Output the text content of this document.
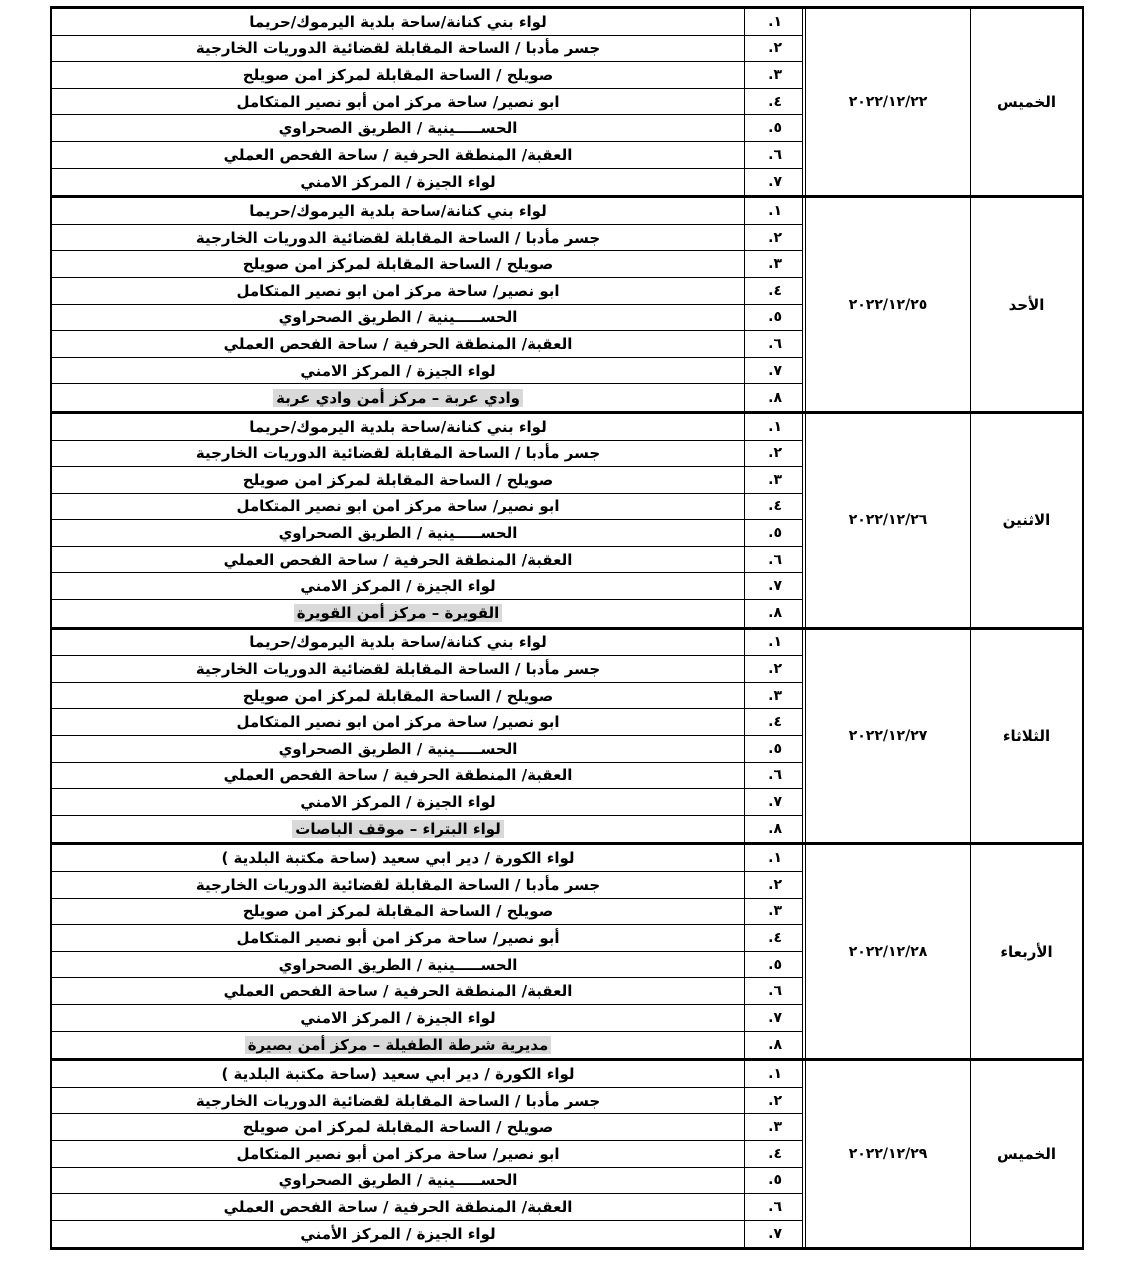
الخميس
٢٠٢٢/١٢/٢٢
.١
لواء بني كنانة/ساحة بلدية اليرموك/حريما
.٢
جسر مأدبا / الساحة المقابلة لقضائية الدوريات الخارجية
.٣
صويلح / الساحة المقابلة لمركز امن صويلح
.٤
ابو نصير/ ساحة مركز امن أبو نصير المتكامل
.٥
الحســـــينية / الطريق الصحراوي
.٦
العقبة/ المنطقة الحرفية / ساحة الفحص العملي
.٧
لواء الجيزة / المركز الامني
الأحد
٢٠٢٢/١٢/٢٥
.١
لواء بني كنانة/ساحة بلدية اليرموك/حريما
.٢
جسر مأدبا / الساحة المقابلة لقضائية الدوريات الخارجية
.٣
صويلح / الساحة المقابلة لمركز امن صويلح
.٤
ابو نصير/ ساحة مركز امن ابو نصير المتكامل
.٥
الحســـــينية / الطريق الصحراوي
.٦
العقبة/ المنطقة الحرفية / ساحة الفحص العملي
.٧
لواء الجيزة / المركز الامني
.٨
وادي عربة – مركز أمن وادي عربة
الاثنين
٢٠٢٢/١٢/٢٦
.١
لواء بني كنانة/ساحة بلدية اليرموك/حريما
.٢
جسر مأدبا / الساحة المقابلة لقضائية الدوريات الخارجية
.٣
صويلح / الساحة المقابلة لمركز امن صويلح
.٤
ابو نصير/ ساحة مركز امن ابو نصير المتكامل
.٥
الحســـــينية / الطريق الصحراوي
.٦
العقبة/ المنطقة الحرفية / ساحة الفحص العملي
.٧
لواء الجيزة / المركز الامني
.٨
القويرة – مركز أمن القويرة
الثلاثاء
٢٠٢٢/١٢/٢٧
.١
لواء بني كنانة/ساحة بلدية اليرموك/حريما
.٢
جسر مأدبا / الساحة المقابلة لقضائية الدوريات الخارجية
.٣
صويلح / الساحة المقابلة لمركز امن صويلح
.٤
ابو نصير/ ساحة مركز امن ابو نصير المتكامل
.٥
الحســـــينية / الطريق الصحراوي
.٦
العقبة/ المنطقة الحرفية / ساحة الفحص العملي
.٧
لواء الجيزة / المركز الامني
.٨
لواء البتراء – موقف الباصات
الأربعاء
٢٠٢٢/١٢/٢٨
.١
لواء الكورة / دير ابي سعيد (ساحة مكتبة البلدية )
.٢
جسر مأدبا / الساحة المقابلة لقضائية الدوريات الخارجية
.٣
صويلح / الساحة المقابلة لمركز امن صويلح
.٤
أبو نصير/ ساحة مركز امن أبو نصير المتكامل
.٥
الحســـــينية / الطريق الصحراوي
.٦
العقبة/ المنطقة الحرفية / ساحة الفحص العملي
.٧
لواء الجيزة / المركز الامني
.٨
مديرية شرطة الطفيلة – مركز أمن بصيرة
الخميس
٢٠٢٢/١٢/٢٩
.١
لواء الكورة / دير ابي سعيد (ساحة مكتبة البلدية )
.٢
جسر مأدبا / الساحة المقابلة لقضائية الدوريات الخارجية
.٣
صويلح / الساحة المقابلة لمركز امن صويلح
.٤
ابو نصير/ ساحة مركز امن أبو نصير المتكامل
.٥
الحســـــينية / الطريق الصحراوي
.٦
العقبة/ المنطقة الحرفية / ساحة الفحص العملي
.٧
لواء الجيزة / المركز الأمني
